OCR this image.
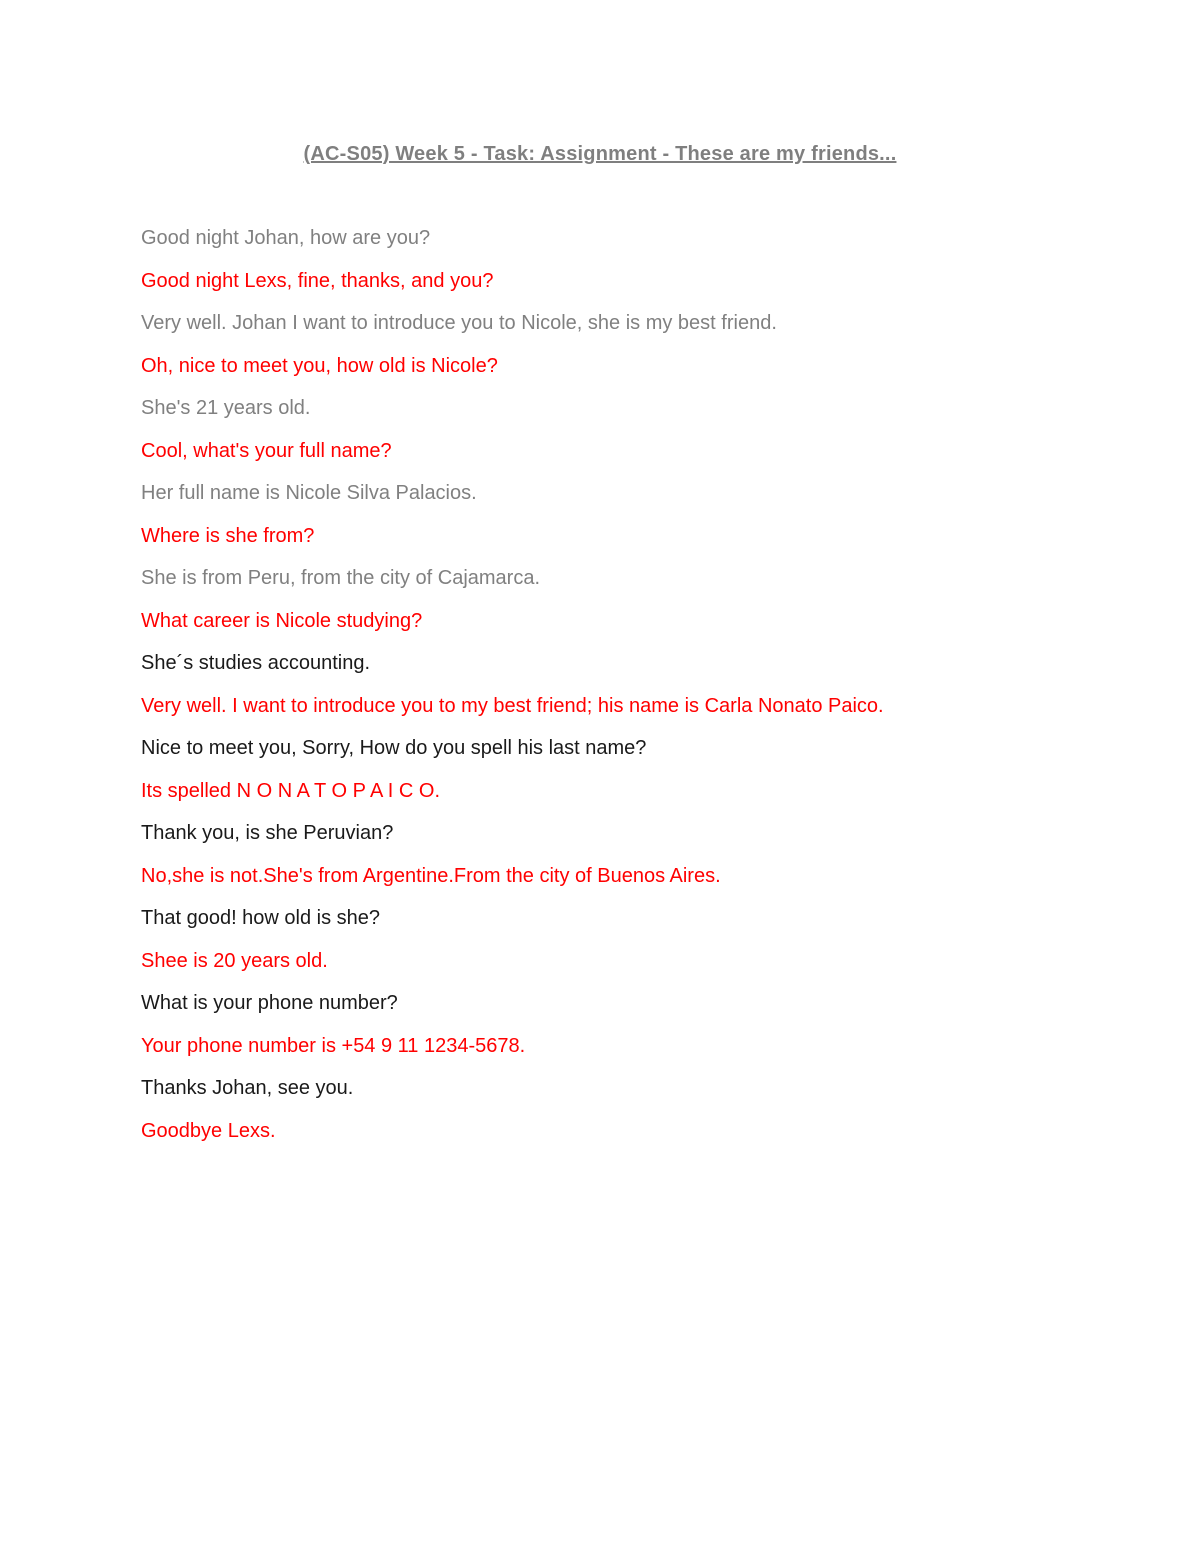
(AC-S05) Week 5 - Task: Assignment - These are my friends...
Good night Johan, how are you?
Good night Lexs, fine, thanks, and you?
Very well. Johan I want to introduce you to Nicole, she is my best friend.
Oh, nice to meet you, how old is Nicole?
She's 21 years old.
Cool, what's your full name?
Her full name is Nicole Silva Palacios.
Where is she from?
She is from Peru, from the city of Cajamarca.
What career is Nicole studying?
She´s studies accounting.
Very well. I want to introduce you to my best friend; his name is Carla Nonato Paico.
Nice to meet you, Sorry, How do you spell his last name?
Its spelled N O N A T O P A I C O.
Thank you, is she Peruvian?
No,she is not.She's from Argentine.From the city of Buenos Aires.
That good! how old is she?
Shee is 20 years old.
What is your phone number?
Your phone number is +54 9 11 1234-5678.
Thanks Johan, see you.
Goodbye Lexs.
